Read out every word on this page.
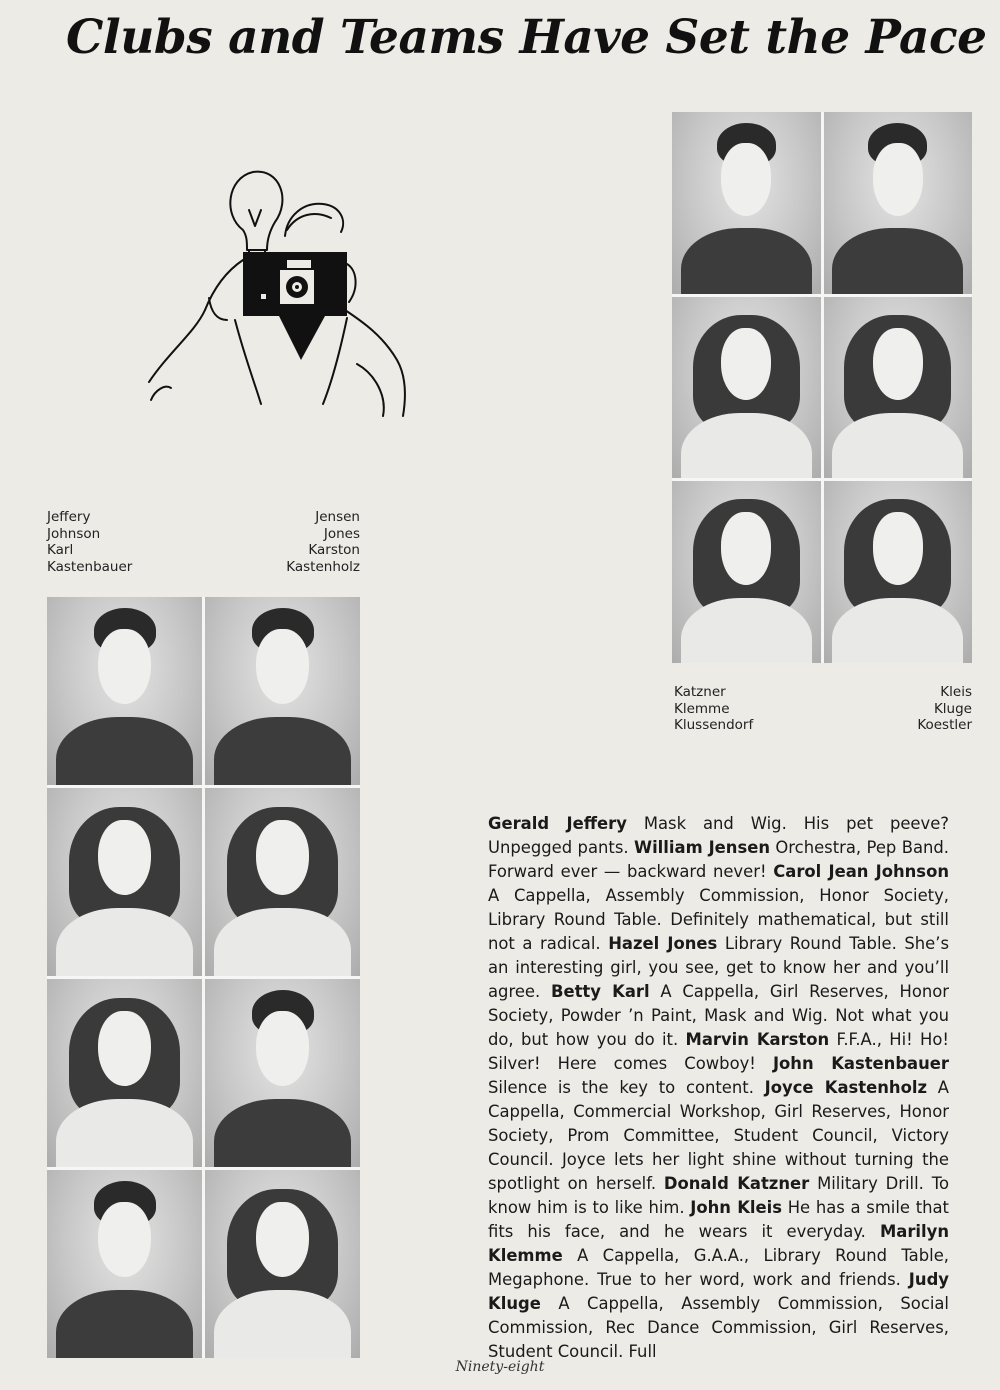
Clubs and Teams Have Set the Pace
Jeffery
Johnson
Karl
Kastenbauer
Jensen
Jones
Karston
Kastenholz
Katzner
Klemme
Klussendorf
Kleis
Kluge
Koestler
Gerald Jeffery Mask and Wig. His pet peeve? Unpegged pants. William Jensen Orchestra, Pep Band. Forward ever — backward never! Carol Jean Johnson A Cappella, Assembly Commission, Honor Society, Library Round Table. Definitely mathematical, but still not a radical. Hazel Jones Library Round Table. She’s an interesting girl, you see, get to know her and you’ll agree. Betty Karl A Cappella, Girl Reserves, Honor Society, Powder ’n Paint, Mask and Wig. Not what you do, but how you do it. Marvin Karston F.F.A., Hi! Ho! Silver! Here comes Cowboy! John Kastenbauer Silence is the key to content. Joyce Kastenholz A Cappella, Commercial Workshop, Girl Reserves, Honor Society, Prom Committee, Student Council, Victory Council. Joyce lets her light shine without turning the spotlight on herself. Donald Katzner Military Drill. To know him is to like him. John Kleis He has a smile that fits his face, and he wears it everyday. Marilyn Klemme A Cappella, G.A.A., Library Round Table, Megaphone. True to her word, work and friends. Judy Kluge A Cappella, Assembly Commission, Social Commission, Rec Dance Commission, Girl Reserves, Student Council. Full
Ninety-eight
